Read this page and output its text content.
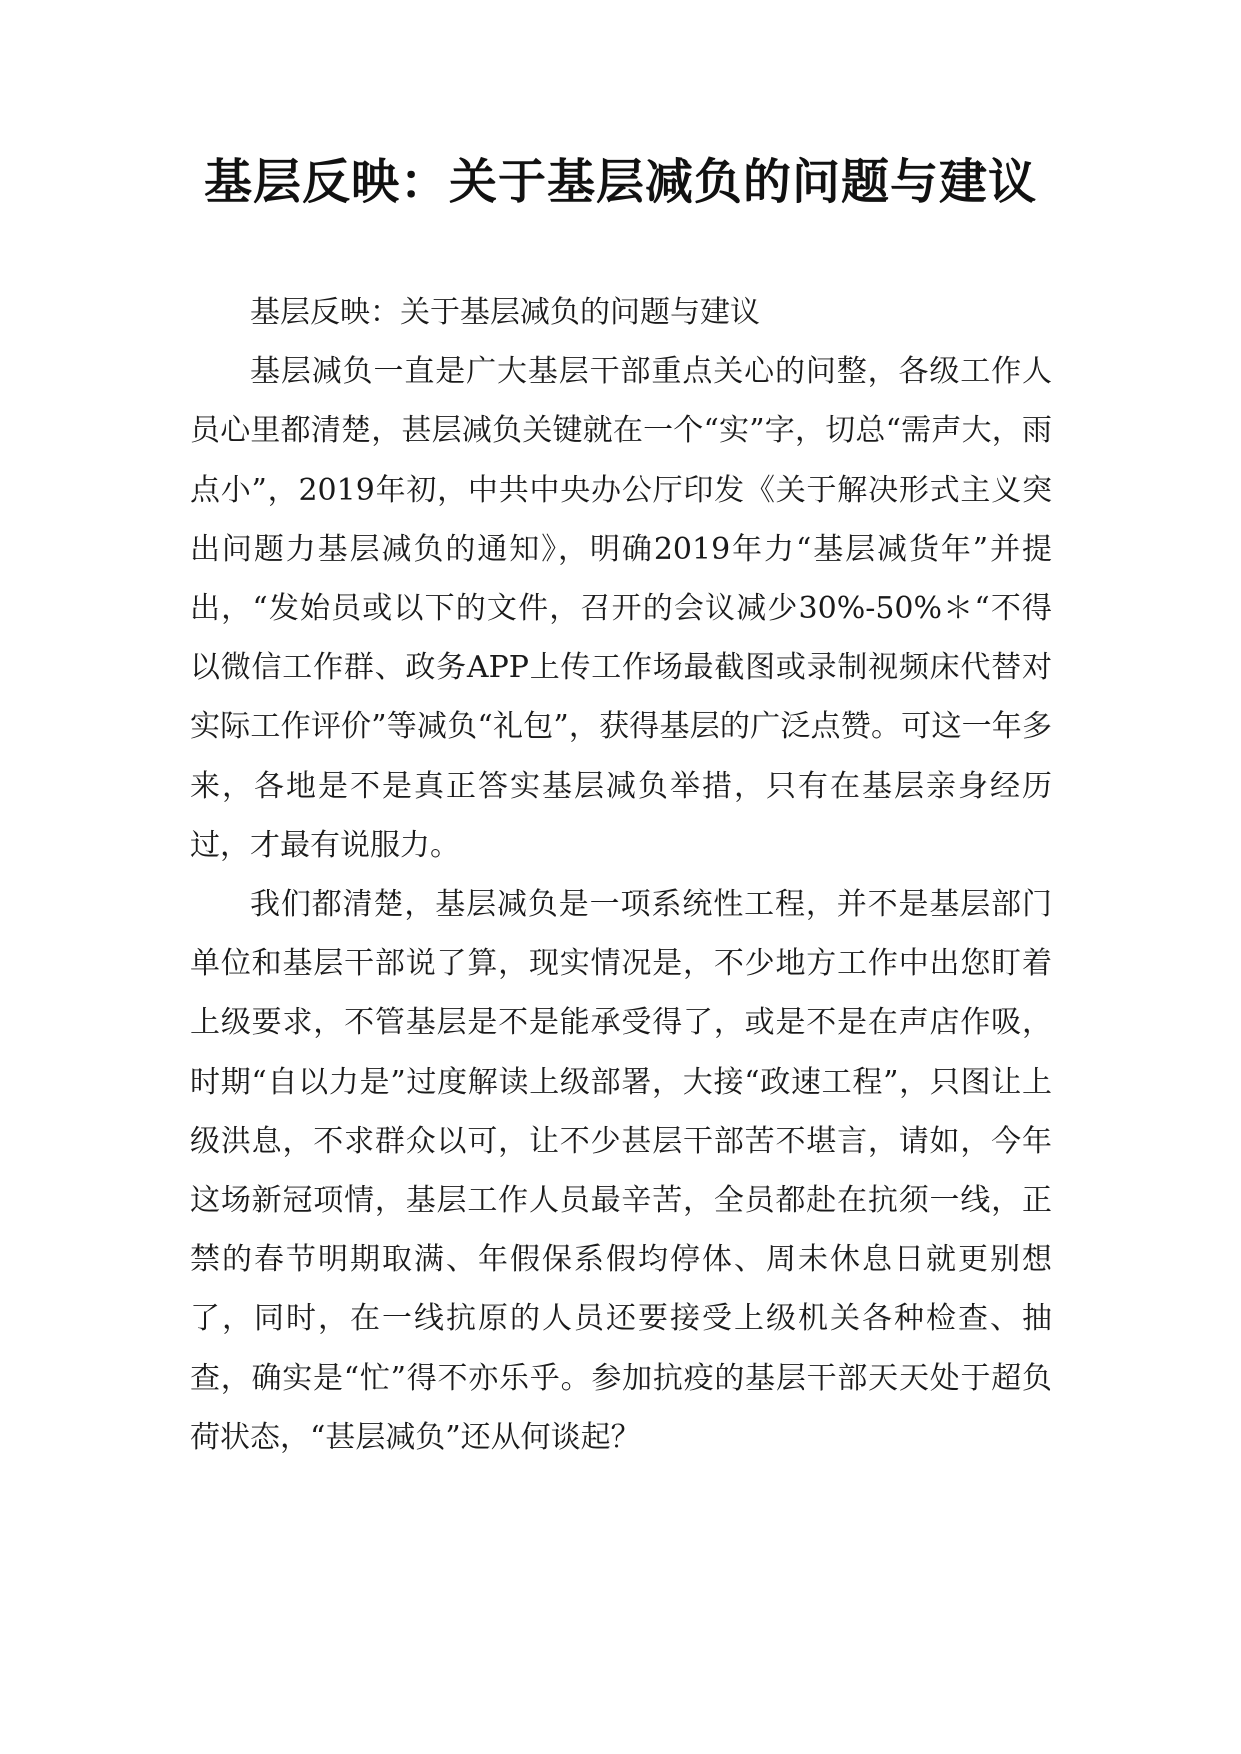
基层反映：关于基层减负的问题与建议

基层反映：关于基层减负的问题与建议

基层减负一直是广大基层干部重点关心的问整，各级工作人员心里都清楚，甚层减负关键就在一个“实”字，切总“需声大，雨点小”，2019年初，中共中央办公厅印发《关于解决形式主义突出问题力基层减负的通知》，明确2019年力“基层减货年”并提出，“发始员或以下的文件，召开的会议减少30%-50%＊“不得以微信工作群、政务APP上传工作场最截图或录制视频床代替对实际工作评价”等减负“礼包”，获得基层的广泛点赞。可这一年多来，各地是不是真正答实基层减负举措，只有在基层亲身经历过，才最有说服力。

我们都清楚，基层减负是一项系统性工程，并不是基层部门单位和基层干部说了算，现实情况是，不少地方工作中出您盯着上级要求，不管基层是不是能承受得了，或是不是在声店作吸，时期“自以力是”过度解读上级部署，大接“政速工程”，只图让上级洪息，不求群众以可，让不少甚层干部苦不堪言，请如，今年这场新冠项情，基层工作人员最辛苦，全员都赴在抗须一线，正禁的春节明期取满、年假保系假均停体、周未休息日就更别想了，同时，在一线抗原的人员还要接受上级机关各种检查、抽查，确实是“忙”得不亦乐乎。参加抗疫的基层干部天天处于超负荷状态，“甚层减负”还从何谈起？
